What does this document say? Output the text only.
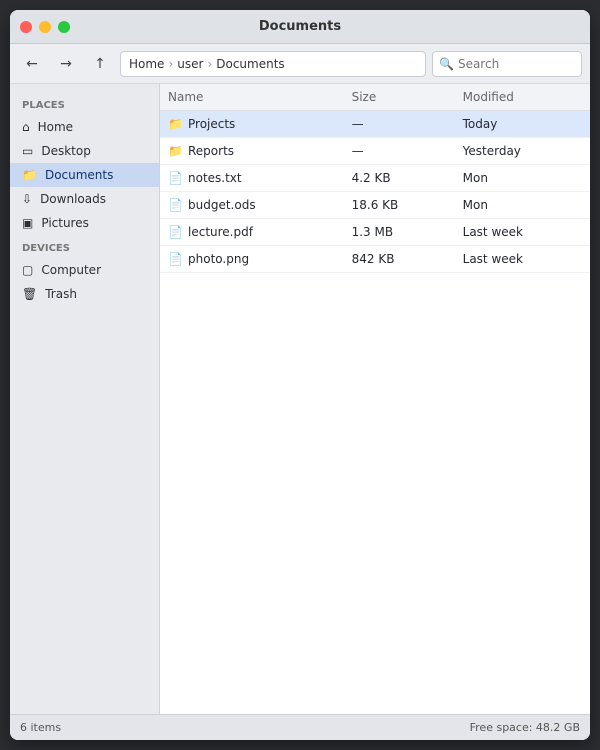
Documents
← → ↑ Home › user › Documents	🔍
Search
PLACES
⌂ Home
▭ Desktop
📁 Documents
⇩ Downloads
▣ Pictures
DEVICES
▢ Computer
🗑 Trash
Name	Size	Modified
📁 Projects	—	Today
📁 Reports	—	Yesterday
📄 notes.txt	4.2 KB	Mon
📄 budget.ods	18.6 KB	Mon
📄 lecture.pdf	1.3 MB	Last week
📄 photo.png	842 KB	Last week
6 items	Free space: 48.2 GB
